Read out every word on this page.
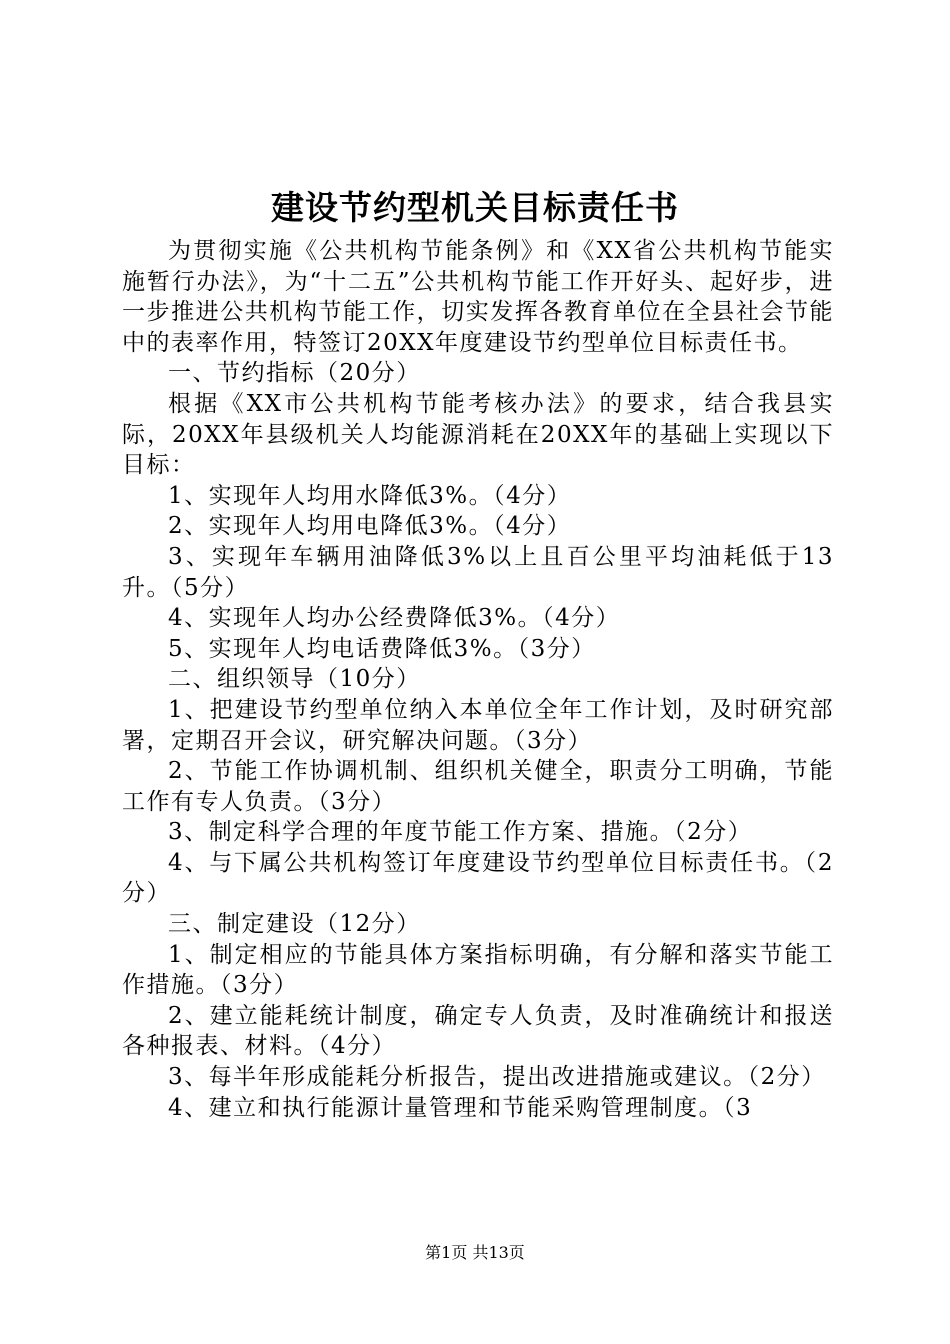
建设节约型机关目标责任书

为贯彻实施《公共机构节能条例》和《XX省公共机构节能实施暂行办法》，为“十二五”公共机构节能工作开好头、起好步，进一步推进公共机构节能工作，切实发挥各教育单位在全县社会节能中的表率作用，特签订20XX年度建设节约型单位目标责任书。

一、节约指标（20分）

根据《XX市公共机构节能考核办法》的要求，结合我县实际，20XX年县级机关人均能源消耗在20XX年的基础上实现以下目标：

1、实现年人均用水降低3%。（4分）

2、实现年人均用电降低3%。（4分）

3、实现年车辆用油降低3%以上且百公里平均油耗低于13升。（5分）

4、实现年人均办公经费降低3%。（4分）

5、实现年人均电话费降低3%。（3分）

二、组织领导（10分）

1、把建设节约型单位纳入本单位全年工作计划，及时研究部署，定期召开会议，研究解决问题。（3分）

2、节能工作协调机制、组织机关健全，职责分工明确，节能工作有专人负责。（3分）

3、制定科学合理的年度节能工作方案、措施。（2分）

4、与下属公共机构签订年度建设节约型单位目标责任书。（2分）

三、制定建设（12分）

1、制定相应的节能具体方案指标明确，有分解和落实节能工作措施。（3分）

2、建立能耗统计制度，确定专人负责，及时准确统计和报送各种报表、材料。（4分）

3、每半年形成能耗分析报告，提出改进措施或建议。（2分）

4、建立和执行能源计量管理和节能采购管理制度。（3

第1页 共13页
